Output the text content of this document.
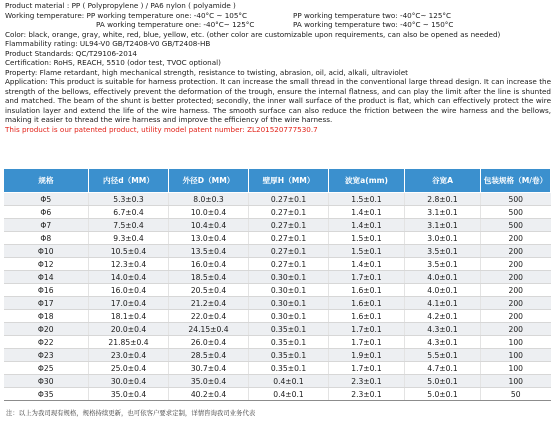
Product material : PP ( Polypropylene ) / PA6 nylon ( polyamide )
Working temperature: PP working temperature one: -40°C ~ 105°C	PP working temperature two: -40°C~ 125°C
PA working temperature one: -40°C~ 125°C	PA working temperature two: -40°C ~ 150°C
Color: black, orange, gray, white, red, blue, yellow, etc. (other color are customizable upon requirements, can also be opened as needed)
Flammability rating: UL94-V0 GB/T2408-V0 GB/T2408-HB
Product Standards: QC/T29106-2014
Certification: RoHS, REACH, 5510 (odor test, TVOC optional)
Property: Flame retardant, high mechanical strength, resistance to twisting, abrasion, oil, acid, alkali, ultraviolet
Application: This product is suitable for harness protection. It can increase the small thread in the conventional large thread design. It can increase the strength of the bellows, effectively prevent the deformation of the trough, ensure the internal flatness, and can play the limit after the line is shunted and matched. The beam of the shunt is better protected; secondly, the inner wall surface of the product is flat, which can effectively protect the wire insulation layer and extend the life of the wire harness. The smooth surface can also reduce the friction between the wire harness and the bellows, making it easier to thread the wire harness and improve the efficiency of the wire harness.
This product is our patented product, utility model patent number: ZL201520777530.7
规格	内径d（MM）	外径D（MM）	壁厚H（MM）	波宽a(mm)	谷宽A	包装规格（M/卷）
Φ5	5.3±0.3	8.0±0.3	0.27±0.1	1.5±0.1	2.8±0.1	500
Φ6	6.7±0.4	10.0±0.4	0.27±0.1	1.4±0.1	3.1±0.1	500
Φ7	7.5±0.4	10.4±0.4	0.27±0.1	1.4±0.1	3.1±0.1	500
Φ8	9.3±0.4	13.0±0.4	0.27±0.1	1.5±0.1	3.0±0.1	200
Φ10	10.5±0.4	13.5±0.4	0.27±0.1	1.5±0.1	3.5±0.1	200
Φ12	12.3±0.4	16.0±0.4	0.27±0.1	1.4±0.1	3.5±0.1	200
Φ14	14.0±0.4	18.5±0.4	0.30±0.1	1.7±0.1	4.0±0.1	200
Φ16	16.0±0.4	20.5±0.4	0.30±0.1	1.6±0.1	4.0±0.1	200
Φ17	17.0±0.4	21.2±0.4	0.30±0.1	1.6±0.1	4.1±0.1	200
Φ18	18.1±0.4	22.0±0.4	0.30±0.1	1.6±0.1	4.2±0.1	200
Φ20	20.0±0.4	24.15±0.4	0.35±0.1	1.7±0.1	4.3±0.1	200
Φ22	21.85±0.4	26.0±0.4	0.35±0.1	1.7±0.1	4.3±0.1	100
Φ23	23.0±0.4	28.5±0.4	0.35±0.1	1.9±0.1	5.5±0.1	100
Φ25	25.0±0.4	30.7±0.4	0.35±0.1	1.7±0.1	4.7±0.1	100
Φ30	30.0±0.4	35.0±0.4	0.4±0.1	2.3±0.1	5.0±0.1	100
Φ35	35.0±0.4	40.2±0.4	0.4±0.1	2.3±0.1	5.0±0.1	50
注：以上为我司现有规格，规格持续更新，也可依客户要求定制，详情咨询我司业务代表
